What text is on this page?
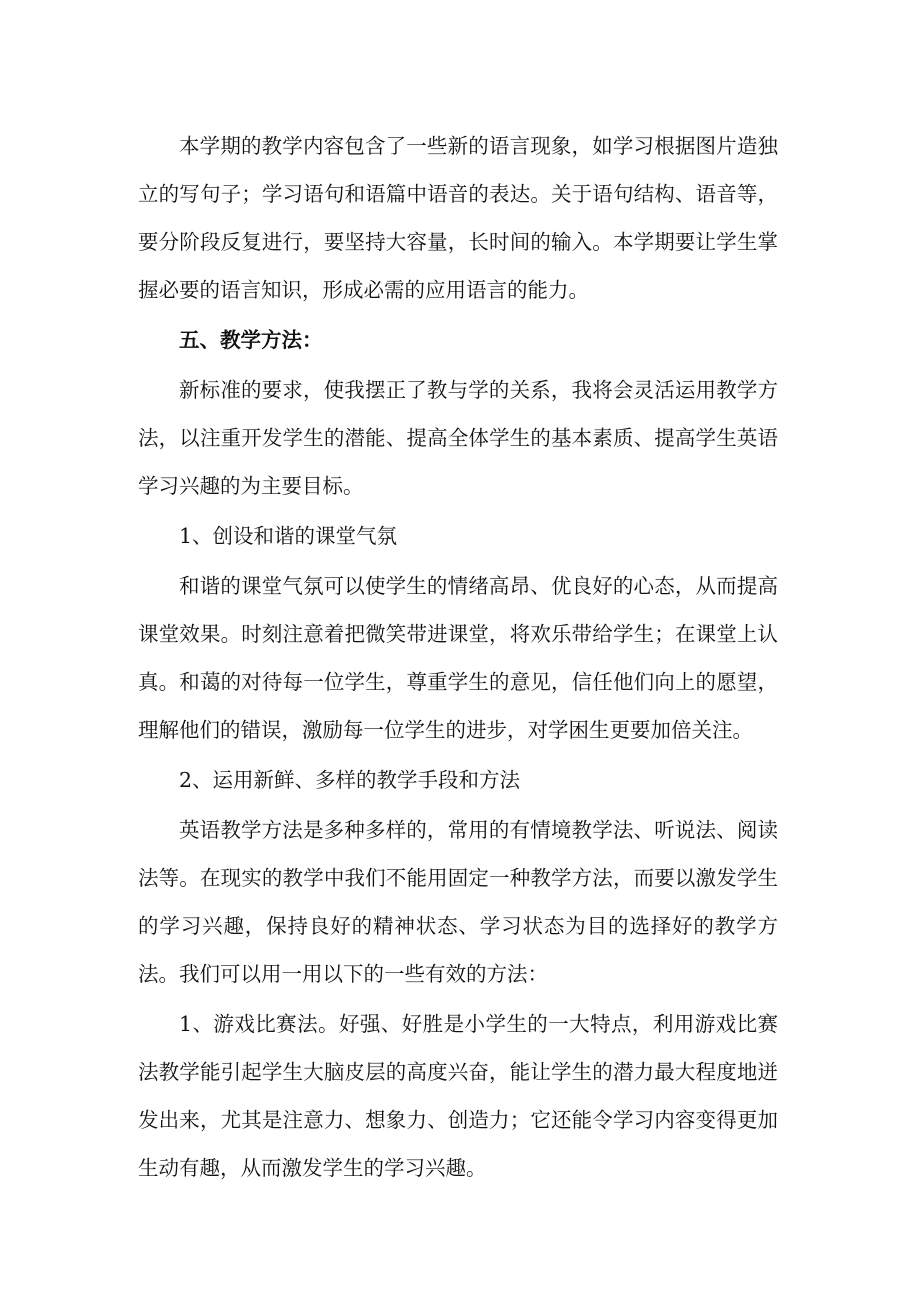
本学期的教学内容包含了一些新的语言现象，如学习根据图片造独立的写句子；学习语句和语篇中语音的表达。关于语句结构、语音等，要分阶段反复进行，要坚持大容量，长时间的输入。本学期要让学生掌握必要的语言知识，形成必需的应用语言的能力。

五、教学方法：

新标准的要求，使我摆正了教与学的关系，我将会灵活运用教学方法，以注重开发学生的潜能、提高全体学生的基本素质、提高学生英语学习兴趣的为主要目标。

1、创设和谐的课堂气氛

和谐的课堂气氛可以使学生的情绪高昂、优良好的心态，从而提高课堂效果。时刻注意着把微笑带进课堂，将欢乐带给学生；在课堂上认真。和蔼的对待每一位学生，尊重学生的意见，信任他们向上的愿望，理解他们的错误，激励每一位学生的进步，对学困生更要加倍关注。

2、运用新鲜、多样的教学手段和方法

英语教学方法是多种多样的，常用的有情境教学法、听说法、阅读法等。在现实的教学中我们不能用固定一种教学方法，而要以激发学生的学习兴趣，保持良好的精神状态、学习状态为目的选择好的教学方法。我们可以用一用以下的一些有效的方法：

1、游戏比赛法。好强、好胜是小学生的一大特点，利用游戏比赛法教学能引起学生大脑皮层的高度兴奋，能让学生的潜力最大程度地迸发出来，尤其是注意力、想象力、创造力；它还能令学习内容变得更加生动有趣，从而激发学生的学习兴趣。
